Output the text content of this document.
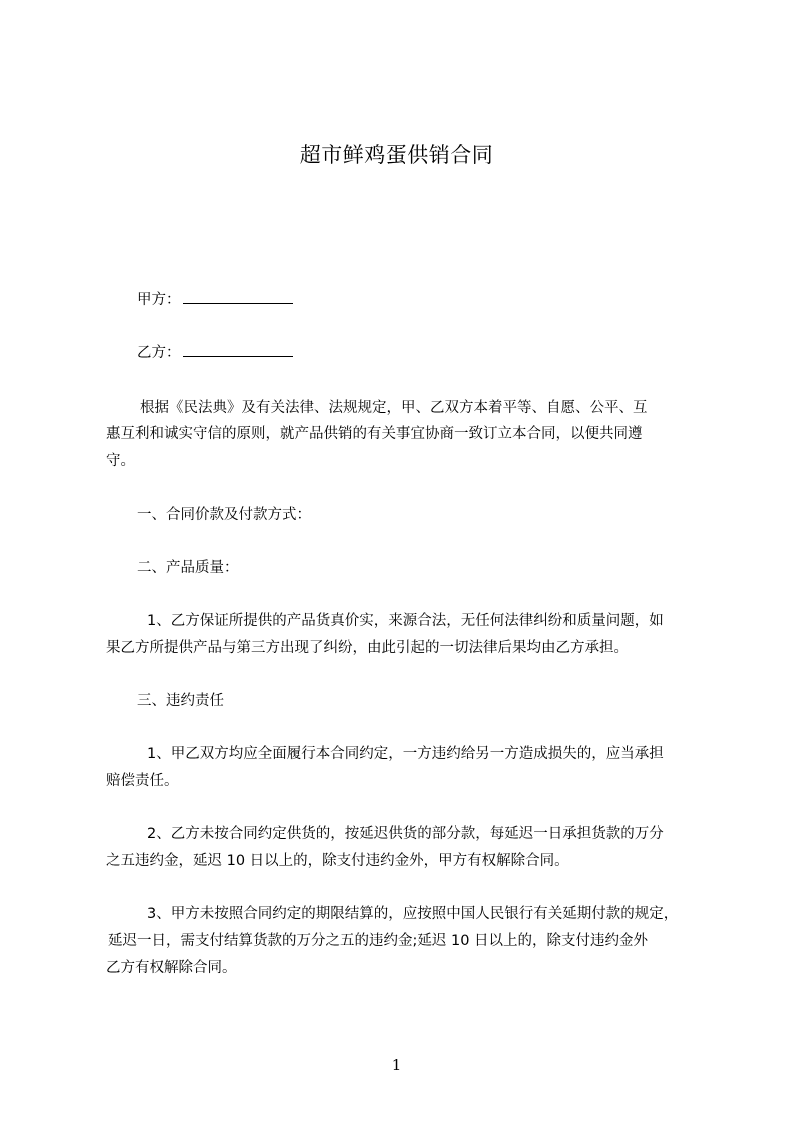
超市鲜鸡蛋供销合同
甲方：
乙方：
根据《民法典》及有关法律、法规规定，甲、乙双方本着平等、自愿、公平、互
惠互利和诚实守信的原则，就产品供销的有关事宜协商一致订立本合同，以便共同遵
守。
一、合同价款及付款方式：
二、产品质量：
1、乙方保证所提供的产品货真价实，来源合法，无任何法律纠纷和质量问题，如
果乙方所提供产品与第三方出现了纠纷，由此引起的一切法律后果均由乙方承担。
三、违约责任
1、甲乙双方均应全面履行本合同约定，一方违约给另一方造成损失的，应当承担
赔偿责任。
2、乙方未按合同约定供货的，按延迟供货的部分款，每延迟一日承担货款的万分
之五违约金，延迟 10 日以上的，除支付违约金外，甲方有权解除合同。
3、甲方未按照合同约定的期限结算的，应按照中国人民银行有关延期付款的规定，
延迟一日，需支付结算货款的万分之五的违约金;延迟 10 日以上的，除支付违约金外
乙方有权解除合同。
1
